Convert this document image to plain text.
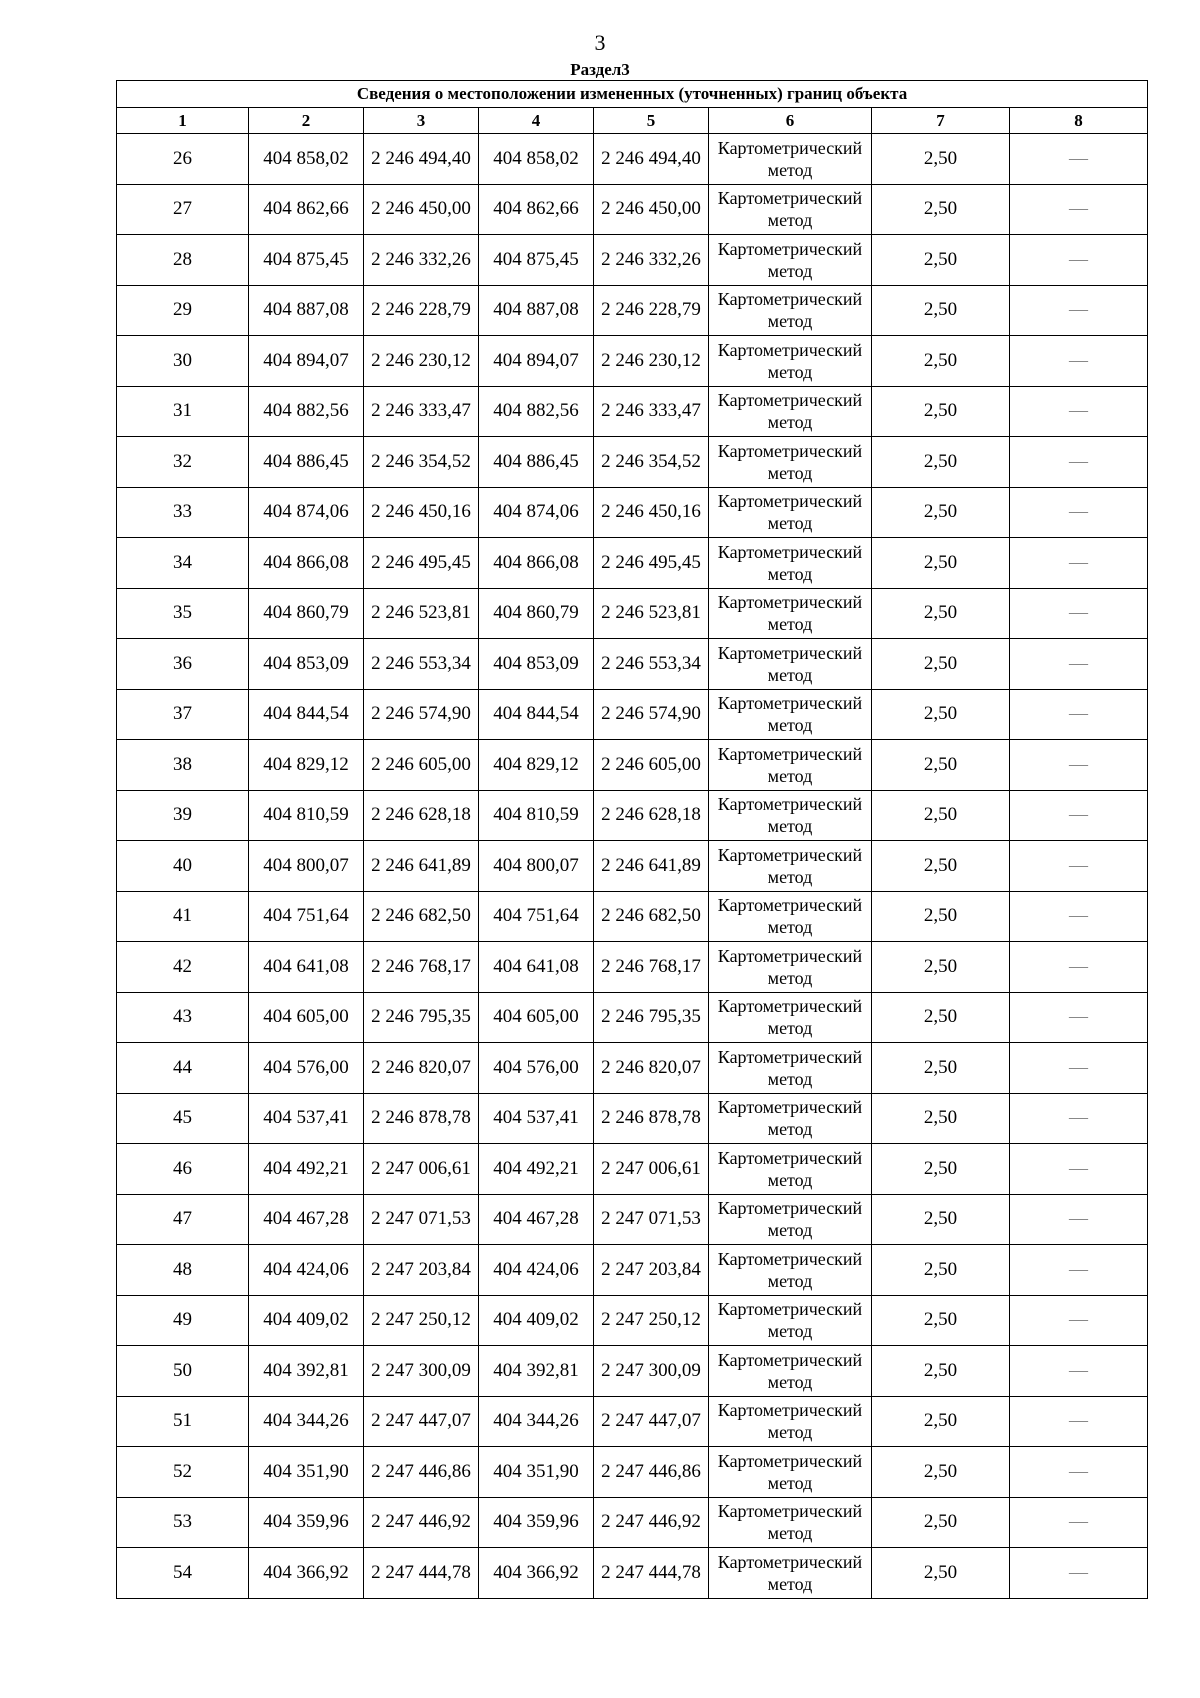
3
Раздел3
Сведения о местоположении измененных (уточненных) границ объекта							
1	2	3	4	5	6	7	8
26	404 858,02	2 246 494,40	404 858,02	2 246 494,40	Картометрический метод	2,50	—
27	404 862,66	2 246 450,00	404 862,66	2 246 450,00	Картометрический метод	2,50	—
28	404 875,45	2 246 332,26	404 875,45	2 246 332,26	Картометрический метод	2,50	—
29	404 887,08	2 246 228,79	404 887,08	2 246 228,79	Картометрический метод	2,50	—
30	404 894,07	2 246 230,12	404 894,07	2 246 230,12	Картометрический метод	2,50	—
31	404 882,56	2 246 333,47	404 882,56	2 246 333,47	Картометрический метод	2,50	—
32	404 886,45	2 246 354,52	404 886,45	2 246 354,52	Картометрический метод	2,50	—
33	404 874,06	2 246 450,16	404 874,06	2 246 450,16	Картометрический метод	2,50	—
34	404 866,08	2 246 495,45	404 866,08	2 246 495,45	Картометрический метод	2,50	—
35	404 860,79	2 246 523,81	404 860,79	2 246 523,81	Картометрический метод	2,50	—
36	404 853,09	2 246 553,34	404 853,09	2 246 553,34	Картометрический метод	2,50	—
37	404 844,54	2 246 574,90	404 844,54	2 246 574,90	Картометрический метод	2,50	—
38	404 829,12	2 246 605,00	404 829,12	2 246 605,00	Картометрический метод	2,50	—
39	404 810,59	2 246 628,18	404 810,59	2 246 628,18	Картометрический метод	2,50	—
40	404 800,07	2 246 641,89	404 800,07	2 246 641,89	Картометрический метод	2,50	—
41	404 751,64	2 246 682,50	404 751,64	2 246 682,50	Картометрический метод	2,50	—
42	404 641,08	2 246 768,17	404 641,08	2 246 768,17	Картометрический метод	2,50	—
43	404 605,00	2 246 795,35	404 605,00	2 246 795,35	Картометрический метод	2,50	—
44	404 576,00	2 246 820,07	404 576,00	2 246 820,07	Картометрический метод	2,50	—
45	404 537,41	2 246 878,78	404 537,41	2 246 878,78	Картометрический метод	2,50	—
46	404 492,21	2 247 006,61	404 492,21	2 247 006,61	Картометрический метод	2,50	—
47	404 467,28	2 247 071,53	404 467,28	2 247 071,53	Картометрический метод	2,50	—
48	404 424,06	2 247 203,84	404 424,06	2 247 203,84	Картометрический метод	2,50	—
49	404 409,02	2 247 250,12	404 409,02	2 247 250,12	Картометрический метод	2,50	—
50	404 392,81	2 247 300,09	404 392,81	2 247 300,09	Картометрический метод	2,50	—
51	404 344,26	2 247 447,07	404 344,26	2 247 447,07	Картометрический метод	2,50	—
52	404 351,90	2 247 446,86	404 351,90	2 247 446,86	Картометрический метод	2,50	—
53	404 359,96	2 247 446,92	404 359,96	2 247 446,92	Картометрический метод	2,50	—
54	404 366,92	2 247 444,78	404 366,92	2 247 444,78	Картометрический метод	2,50	—
